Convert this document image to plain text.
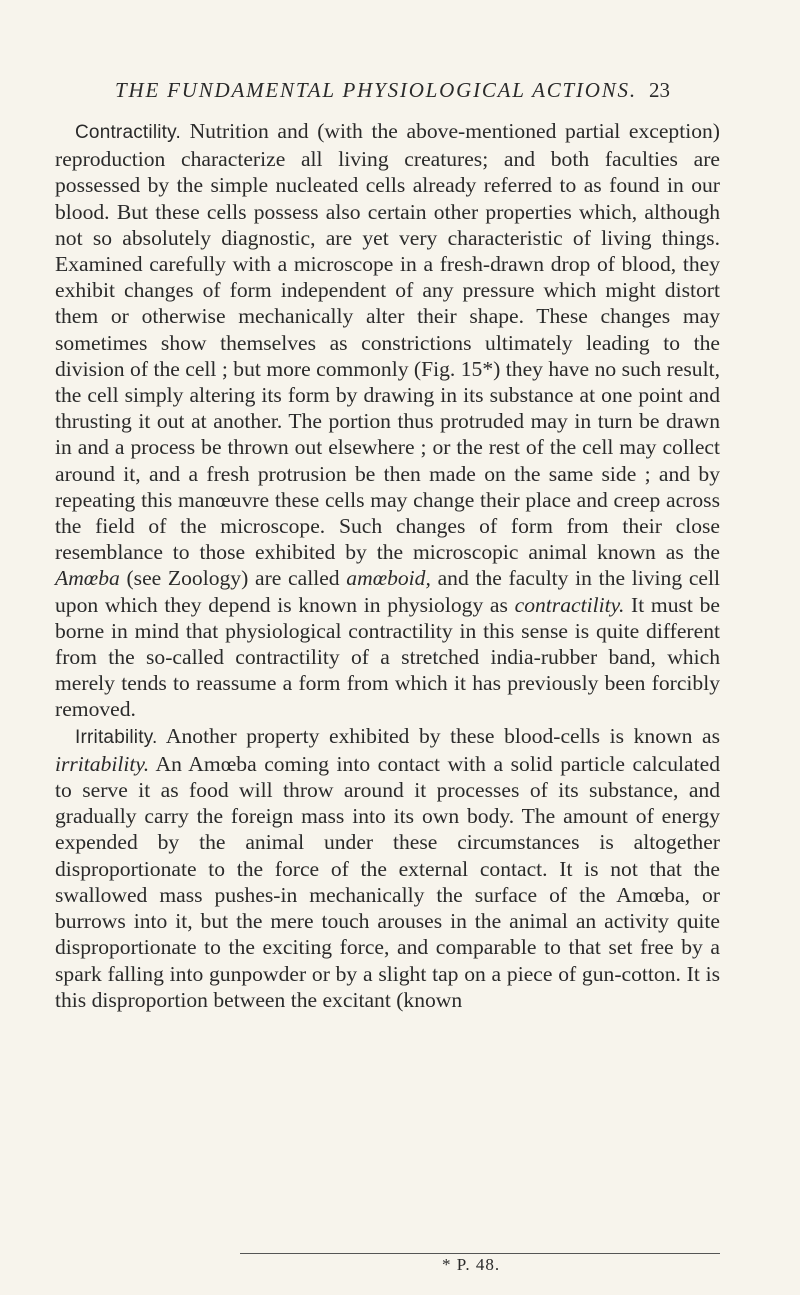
THE FUNDAMENTAL PHYSIOLOGICAL ACTIONS. 23

Contractility. Nutrition and (with the above-mentioned partial exception) reproduction characterize all living creatures; and both faculties are possessed by the simple nucleated cells already referred to as found in our blood. But these cells possess also certain other properties which, although not so absolutely diagnostic, are yet very characteristic of living things. Examined carefully with a microscope in a fresh-drawn drop of blood, they exhibit changes of form independent of any pressure which might distort them or otherwise mechanically alter their shape. These changes may sometimes show themselves as constrictions ultimately leading to the division of the cell ; but more commonly (Fig. 15*) they have no such result, the cell simply altering its form by drawing in its substance at one point and thrusting it out at another. The portion thus protruded may in turn be drawn in and a process be thrown out elsewhere ; or the rest of the cell may collect around it, and a fresh protrusion be then made on the same side ; and by repeating this manœuvre these cells may change their place and creep across the field of the microscope. Such changes of form from their close resemblance to those exhibited by the microscopic animal known as the Amœba (see Zoology) are called amœboid, and the faculty in the living cell upon which they depend is known in physiology as contractility. It must be borne in mind that physiological contractility in this sense is quite different from the so-called contractility of a stretched india-rubber band, which merely tends to reassume a form from which it has previously been forcibly removed.

Irritability. Another property exhibited by these blood-cells is known as irritability. An Amœba coming into contact with a solid particle calculated to serve it as food will throw around it processes of its substance, and gradually carry the foreign mass into its own body. The amount of energy expended by the animal under these circumstances is altogether disproportionate to the force of the external contact. It is not that the swallowed mass pushes-in mechanically the surface of the Amœba, or burrows into it, but the mere touch arouses in the animal an activity quite disproportionate to the exciting force, and comparable to that set free by a spark falling into gunpowder or by a slight tap on a piece of gun-cotton. It is this disproportion between the excitant (known

* P. 48.
